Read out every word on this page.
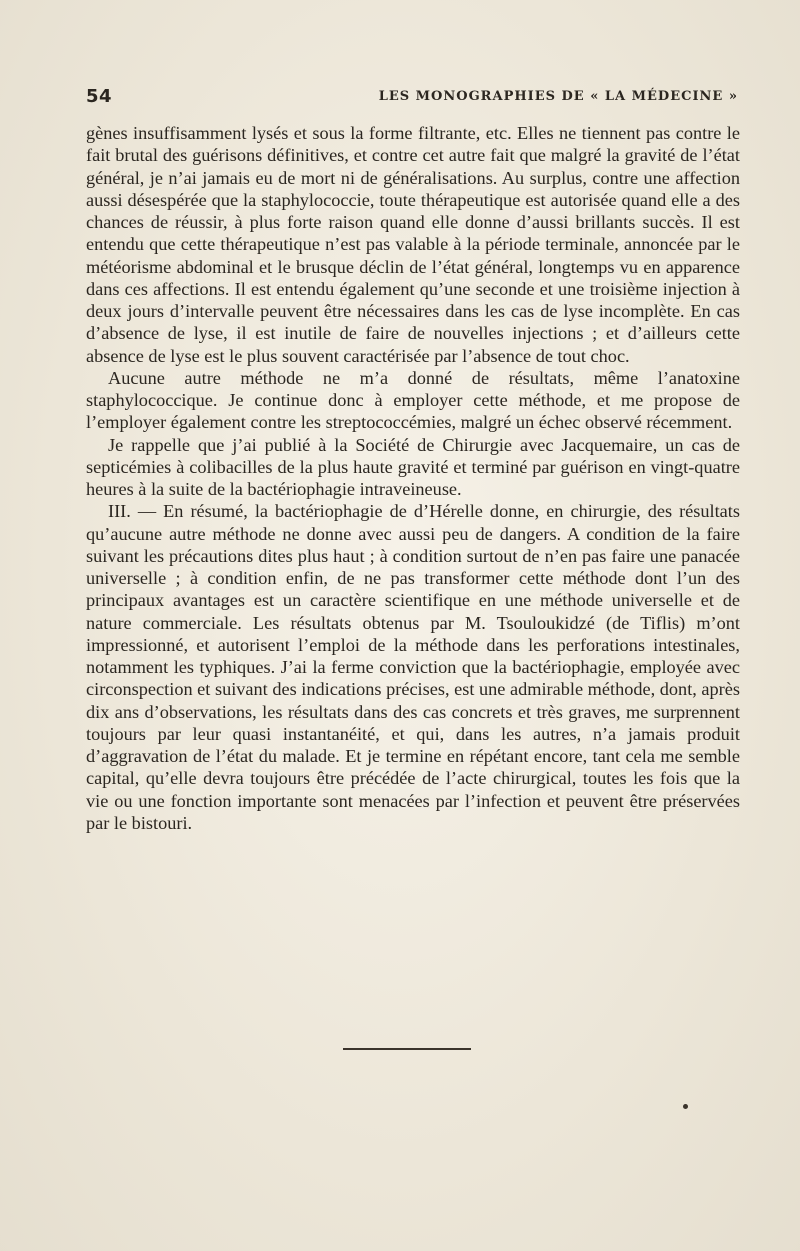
54	LES MONOGRAPHIES DE « LA MÉDECINE »

gènes insuffisamment lysés et sous la forme filtrante, etc. Elles ne tiennent pas contre le fait brutal des guérisons définitives, et contre cet autre fait que malgré la gravité de l’état général, je n’ai jamais eu de mort ni de généralisations. Au surplus, contre une affection aussi désespérée que la staphylococcie, toute thérapeutique est autorisée quand elle a des chances de réussir, à plus forte raison quand elle donne d’aussi brillants succès. Il est entendu que cette thérapeutique n’est pas valable à la période terminale, annoncée par le météorisme abdominal et le brusque déclin de l’état général, longtemps vu en apparence dans ces affections. Il est entendu également qu’une seconde et une troisième injection à deux jours d’intervalle peuvent être nécessaires dans les cas de lyse incomplète. En cas d’absence de lyse, il est inutile de faire de nouvelles injections ; et d’ailleurs cette absence de lyse est le plus souvent caractérisée par l’absence de tout choc.

Aucune autre méthode ne m’a donné de résultats, même l’anatoxine staphylococcique. Je continue donc à employer cette méthode, et me propose de l’employer également contre les streptococcémies, malgré un échec observé récemment.

Je rappelle que j’ai publié à la Société de Chirurgie avec Jacquemaire, un cas de septicémies à colibacilles de la plus haute gravité et terminé par guérison en vingt-quatre heures à la suite de la bactériophagie intraveineuse.

III. — En résumé, la bactériophagie de d’Hérelle donne, en chirurgie, des résultats qu’aucune autre méthode ne donne avec aussi peu de dangers. A condition de la faire suivant les précautions dites plus haut ; à condition surtout de n’en pas faire une panacée universelle ; à condition enfin, de ne pas transformer cette méthode dont l’un des principaux avantages est un caractère scientifique en une méthode universelle et de nature commerciale. Les résultats obtenus par M. Tsouloukidzé (de Tiflis) m’ont impressionné, et autorisent l’emploi de la méthode dans les perforations intestinales, notamment les typhiques. J’ai la ferme conviction que la bactériophagie, employée avec circonspection et suivant des indications précises, est une admirable méthode, dont, après dix ans d’observations, les résultats dans des cas concrets et très graves, me surprennent toujours par leur quasi instantanéité, et qui, dans les autres, n’a jamais produit d’aggravation de l’état du malade. Et je termine en répétant encore, tant cela me semble capital, qu’elle devra toujours être précédée de l’acte chirurgical, toutes les fois que la vie ou une fonction importante sont menacées par l’infection et peuvent être préservées par le bistouri.
